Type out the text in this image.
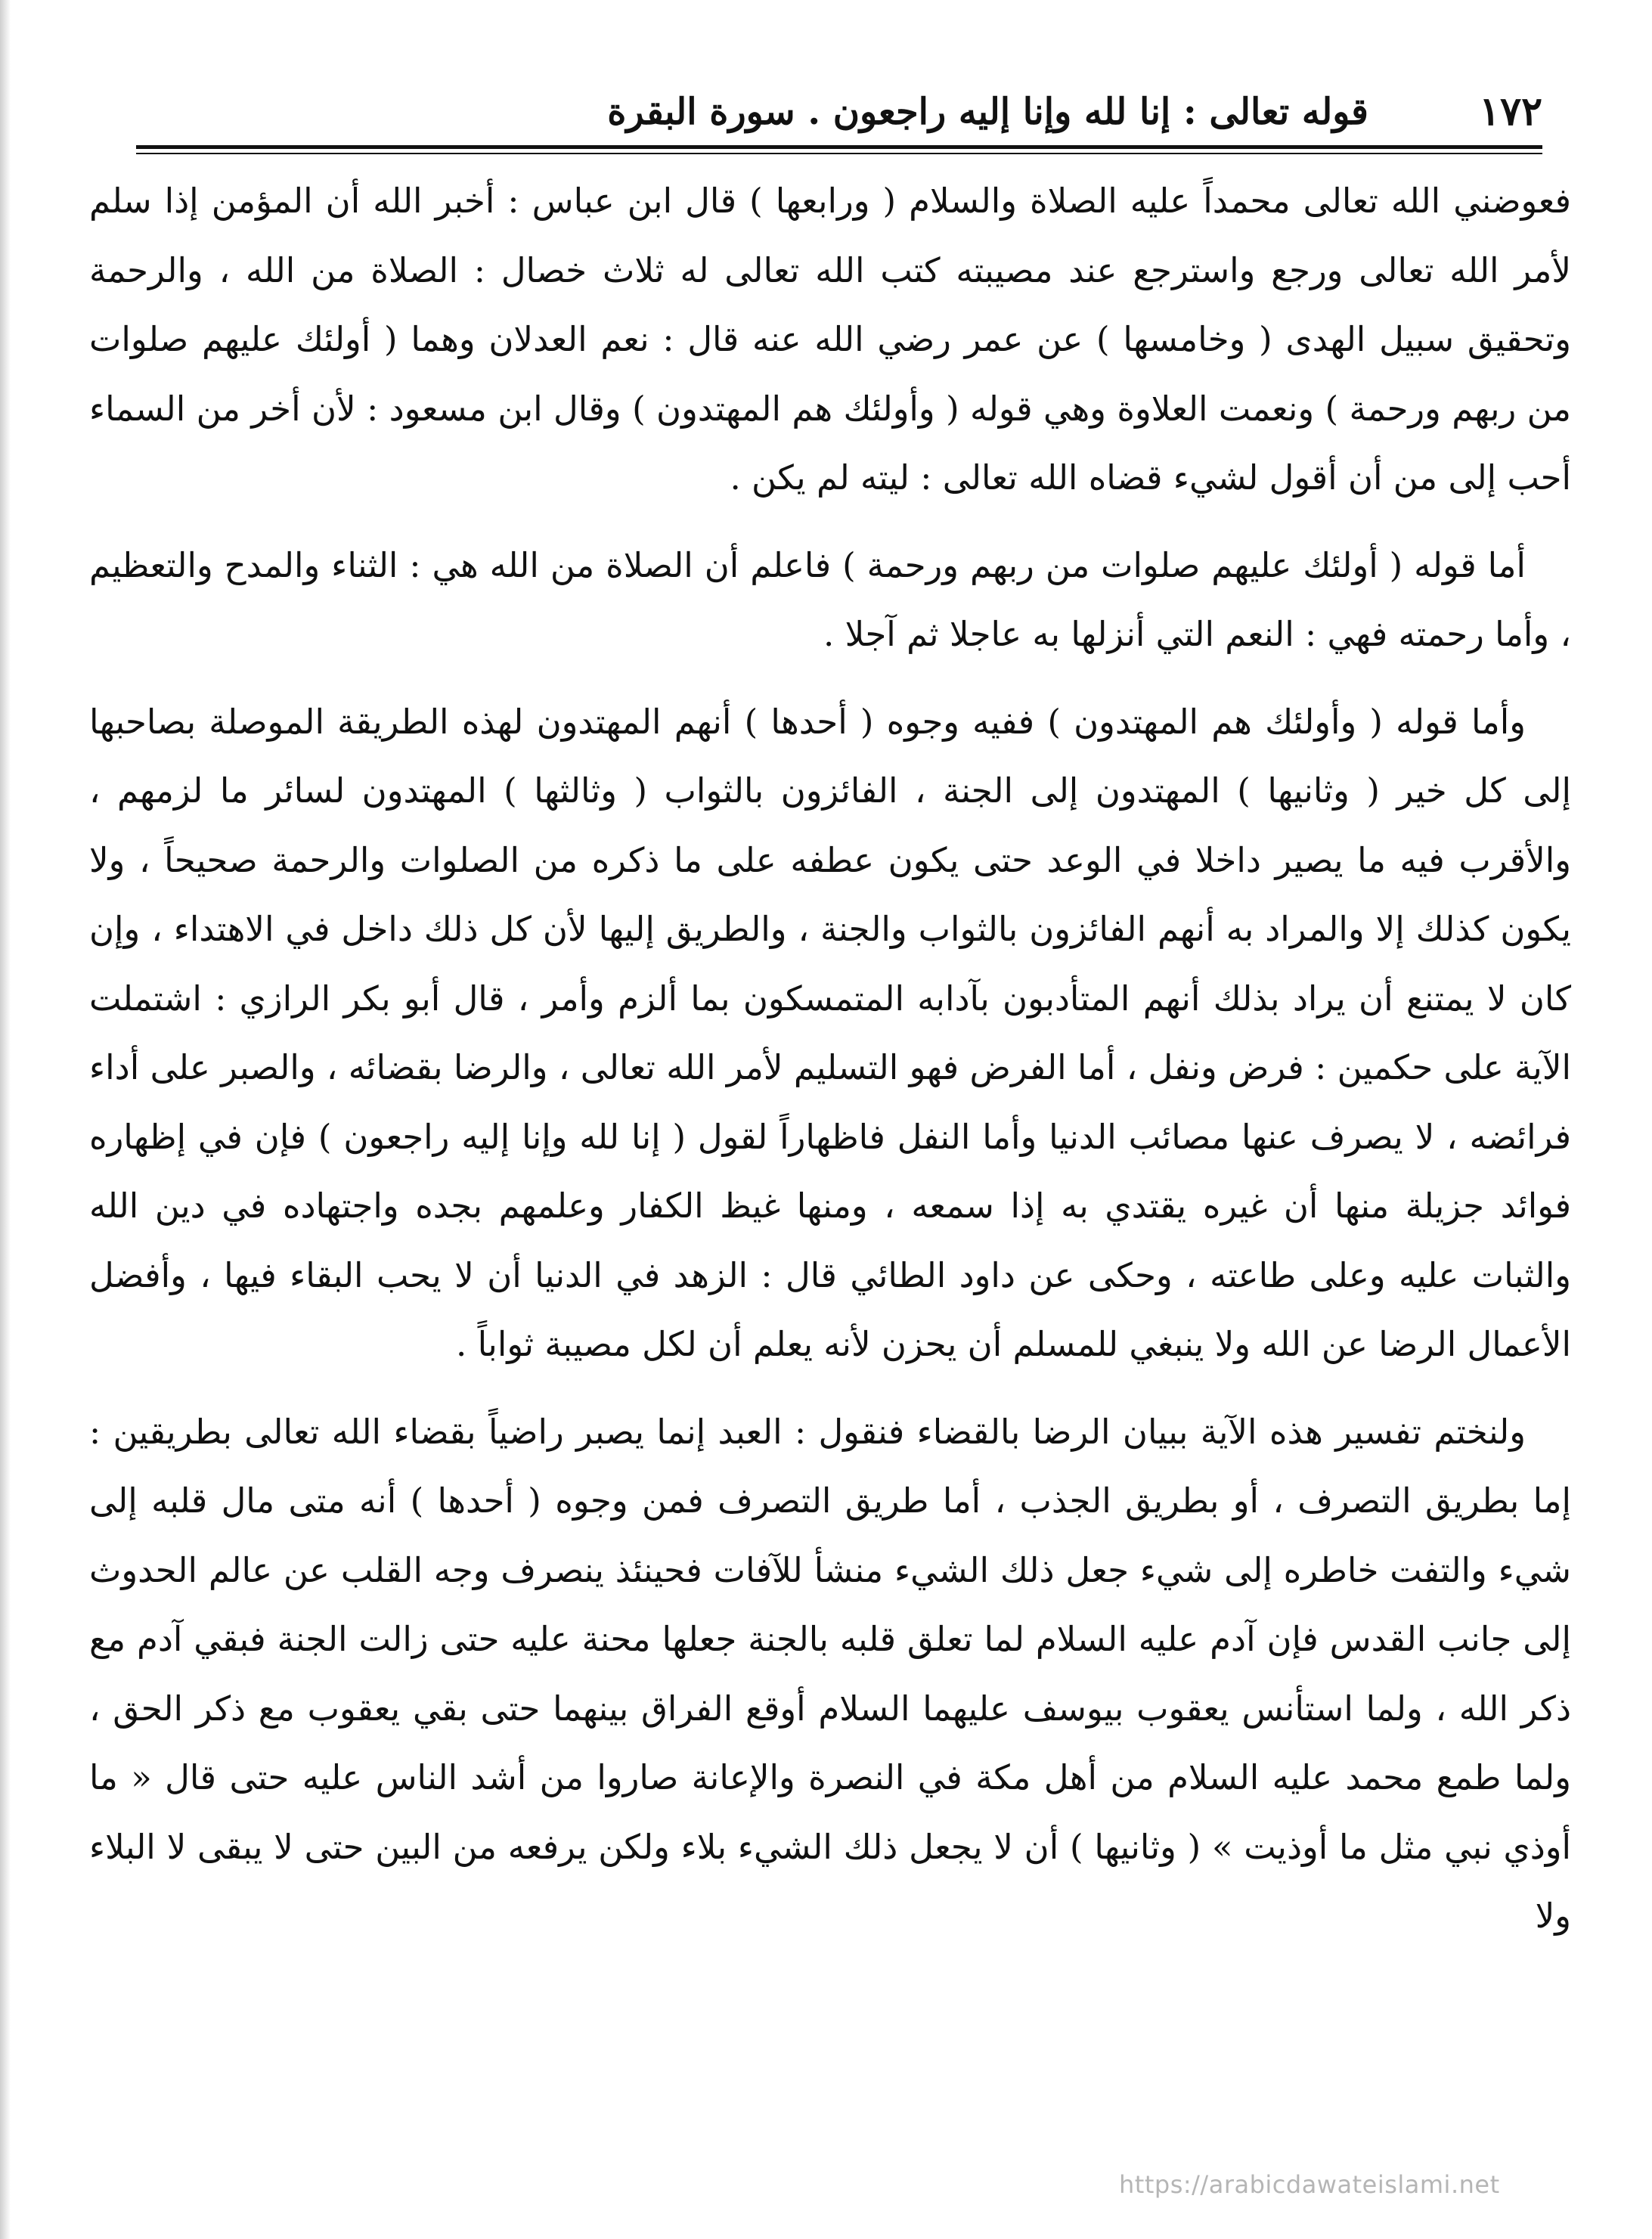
١٧٢
قوله تعالى : إنا لله وإنا إليه راجعون . سورة البقرة

فعوضني الله تعالى محمداً عليه الصلاة والسلام ( ورابعها ) قال ابن عباس : أخبر الله أن المؤمن إذا سلم لأمر الله تعالى ورجع واسترجع عند مصيبته كتب الله تعالى له ثلاث خصال : الصلاة من الله ، والرحمة وتحقيق سبيل الهدى ( وخامسها ) عن عمر رضي الله عنه قال : نعم العدلان وهما ( أولئك عليهم صلوات من ربهم ورحمة ) ونعمت العلاوة وهي قوله ( وأولئك هم المهتدون ) وقال ابن مسعود : لأن أخر من السماء أحب إلى من أن أقول لشيء قضاه الله تعالى : ليته لم يكن .

أما قوله ( أولئك عليهم صلوات من ربهم ورحمة ) فاعلم أن الصلاة من الله هي : الثناء والمدح والتعظيم ، وأما رحمته فهي : النعم التي أنزلها به عاجلا ثم آجلا .

وأما قوله ( وأولئك هم المهتدون ) ففيه وجوه ( أحدها ) أنهم المهتدون لهذه الطريقة الموصلة بصاحبها إلى كل خير ( وثانيها ) المهتدون إلى الجنة ، الفائزون بالثواب ( وثالثها ) المهتدون لسائر ما لزمهم ، والأقرب فيه ما يصير داخلا في الوعد حتى يكون عطفه على ما ذكره من الصلوات والرحمة صحيحاً ، ولا يكون كذلك إلا والمراد به أنهم الفائزون بالثواب والجنة ، والطريق إليها لأن كل ذلك داخل في الاهتداء ، وإن كان لا يمتنع أن يراد بذلك أنهم المتأدبون بآدابه المتمسكون بما ألزم وأمر ، قال أبو بكر الرازي : اشتملت الآية على حكمين : فرض ونفل ، أما الفرض فهو التسليم لأمر الله تعالى ، والرضا بقضائه ، والصبر على أداء فرائضه ، لا يصرف عنها مصائب الدنيا وأما النفل فاظهاراً لقول ( إنا لله وإنا إليه راجعون ) فإن في إظهاره فوائد جزيلة منها أن غيره يقتدي به إذا سمعه ، ومنها غيظ الكفار وعلمهم بجده واجتهاده في دين الله والثبات عليه وعلى طاعته ، وحكى عن داود الطائي قال : الزهد في الدنيا أن لا يحب البقاء فيها ، وأفضل الأعمال الرضا عن الله ولا ينبغي للمسلم أن يحزن لأنه يعلم أن لكل مصيبة ثواباً .

ولنختم تفسير هذه الآية ببيان الرضا بالقضاء فنقول : العبد إنما يصبر راضياً بقضاء الله تعالى بطريقين : إما بطريق التصرف ، أو بطريق الجذب ، أما طريق التصرف فمن وجوه ( أحدها ) أنه متى مال قلبه إلى شيء والتفت خاطره إلى شيء جعل ذلك الشيء منشأ للآفات فحينئذ ينصرف وجه القلب عن عالم الحدوث إلى جانب القدس فإن آدم عليه السلام لما تعلق قلبه بالجنة جعلها محنة عليه حتى زالت الجنة فبقي آدم مع ذكر الله ، ولما استأنس يعقوب بيوسف عليهما السلام أوقع الفراق بينهما حتى بقي يعقوب مع ذكر الحق ، ولما طمع محمد عليه السلام من أهل مكة في النصرة والإعانة صاروا من أشد الناس عليه حتى قال « ما أوذي نبي مثل ما أوذيت » ( وثانيها ) أن لا يجعل ذلك الشيء بلاء ولكن يرفعه من البين حتى لا يبقى لا البلاء ولا

https://arabicdawateislami.net
